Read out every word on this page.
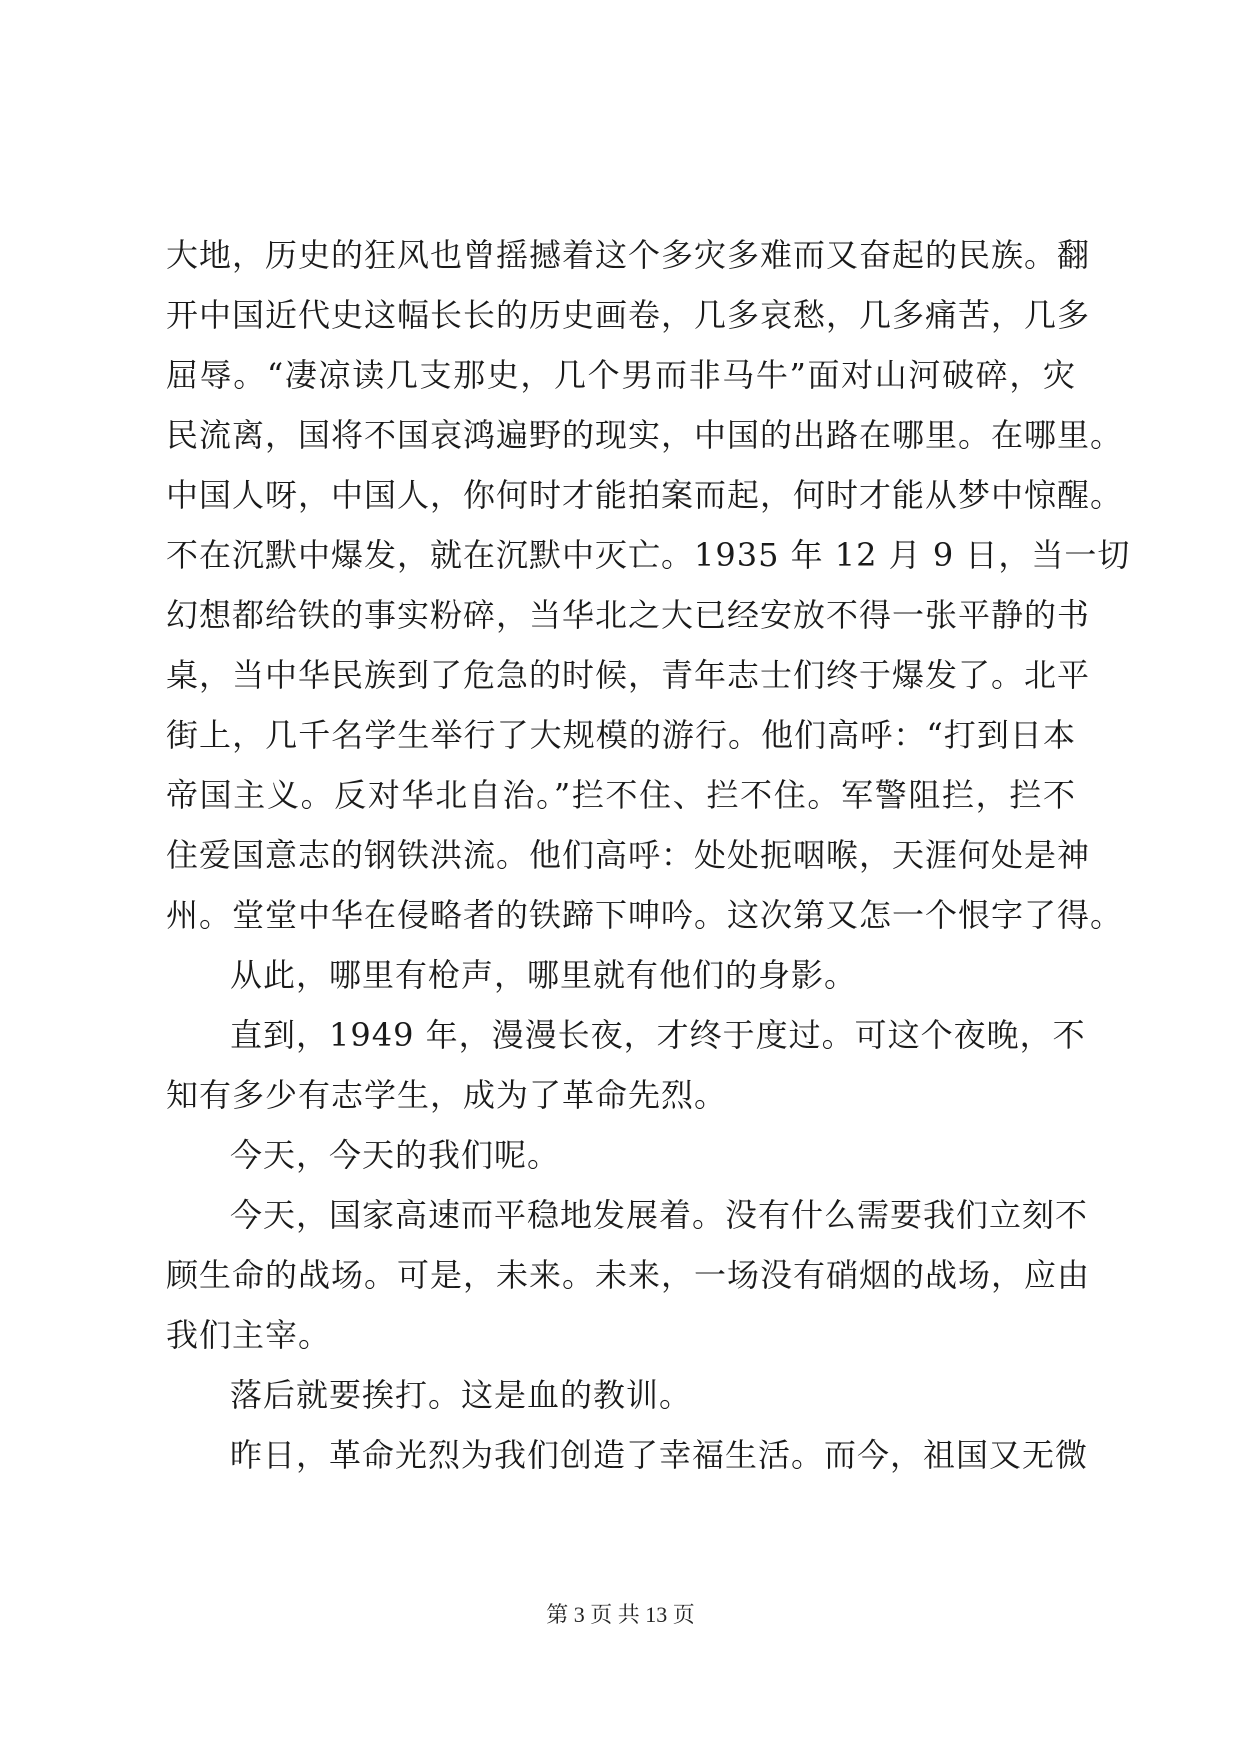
大地，历史的狂风也曾摇撼着这个多灾多难而又奋起的民族。翻
开中国近代史这幅长长的历史画卷，几多哀愁，几多痛苦，几多
屈辱。“凄凉读几支那史，几个男而非马牛”面对山河破碎，灾
民流离，国将不国哀鸿遍野的现实，中国的出路在哪里。在哪里。
中国人呀，中国人，你何时才能拍案而起，何时才能从梦中惊醒。
不在沉默中爆发，就在沉默中灭亡。1935 年 12 月 9 日，当一切
幻想都给铁的事实粉碎，当华北之大已经安放不得一张平静的书
桌，当中华民族到了危急的时候，青年志士们终于爆发了。北平
街上，几千名学生举行了大规模的游行。他们高呼：“打到日本
帝国主义。反对华北自治。”拦不住、拦不住。军警阻拦，拦不
住爱国意志的钢铁洪流。他们高呼：处处扼咽喉，天涯何处是神
州。堂堂中华在侵略者的铁蹄下呻吟。这次第又怎一个恨字了得。
从此，哪里有枪声，哪里就有他们的身影。
直到，1949 年，漫漫长夜，才终于度过。可这个夜晚，不
知有多少有志学生，成为了革命先烈。
今天，今天的我们呢。
今天，国家高速而平稳地发展着。没有什么需要我们立刻不
顾生命的战场。可是，未来。未来，一场没有硝烟的战场，应由
我们主宰。
落后就要挨打。这是血的教训。
昨日，革命光烈为我们创造了幸福生活。而今，祖国又无微
第 3 页 共 13 页
